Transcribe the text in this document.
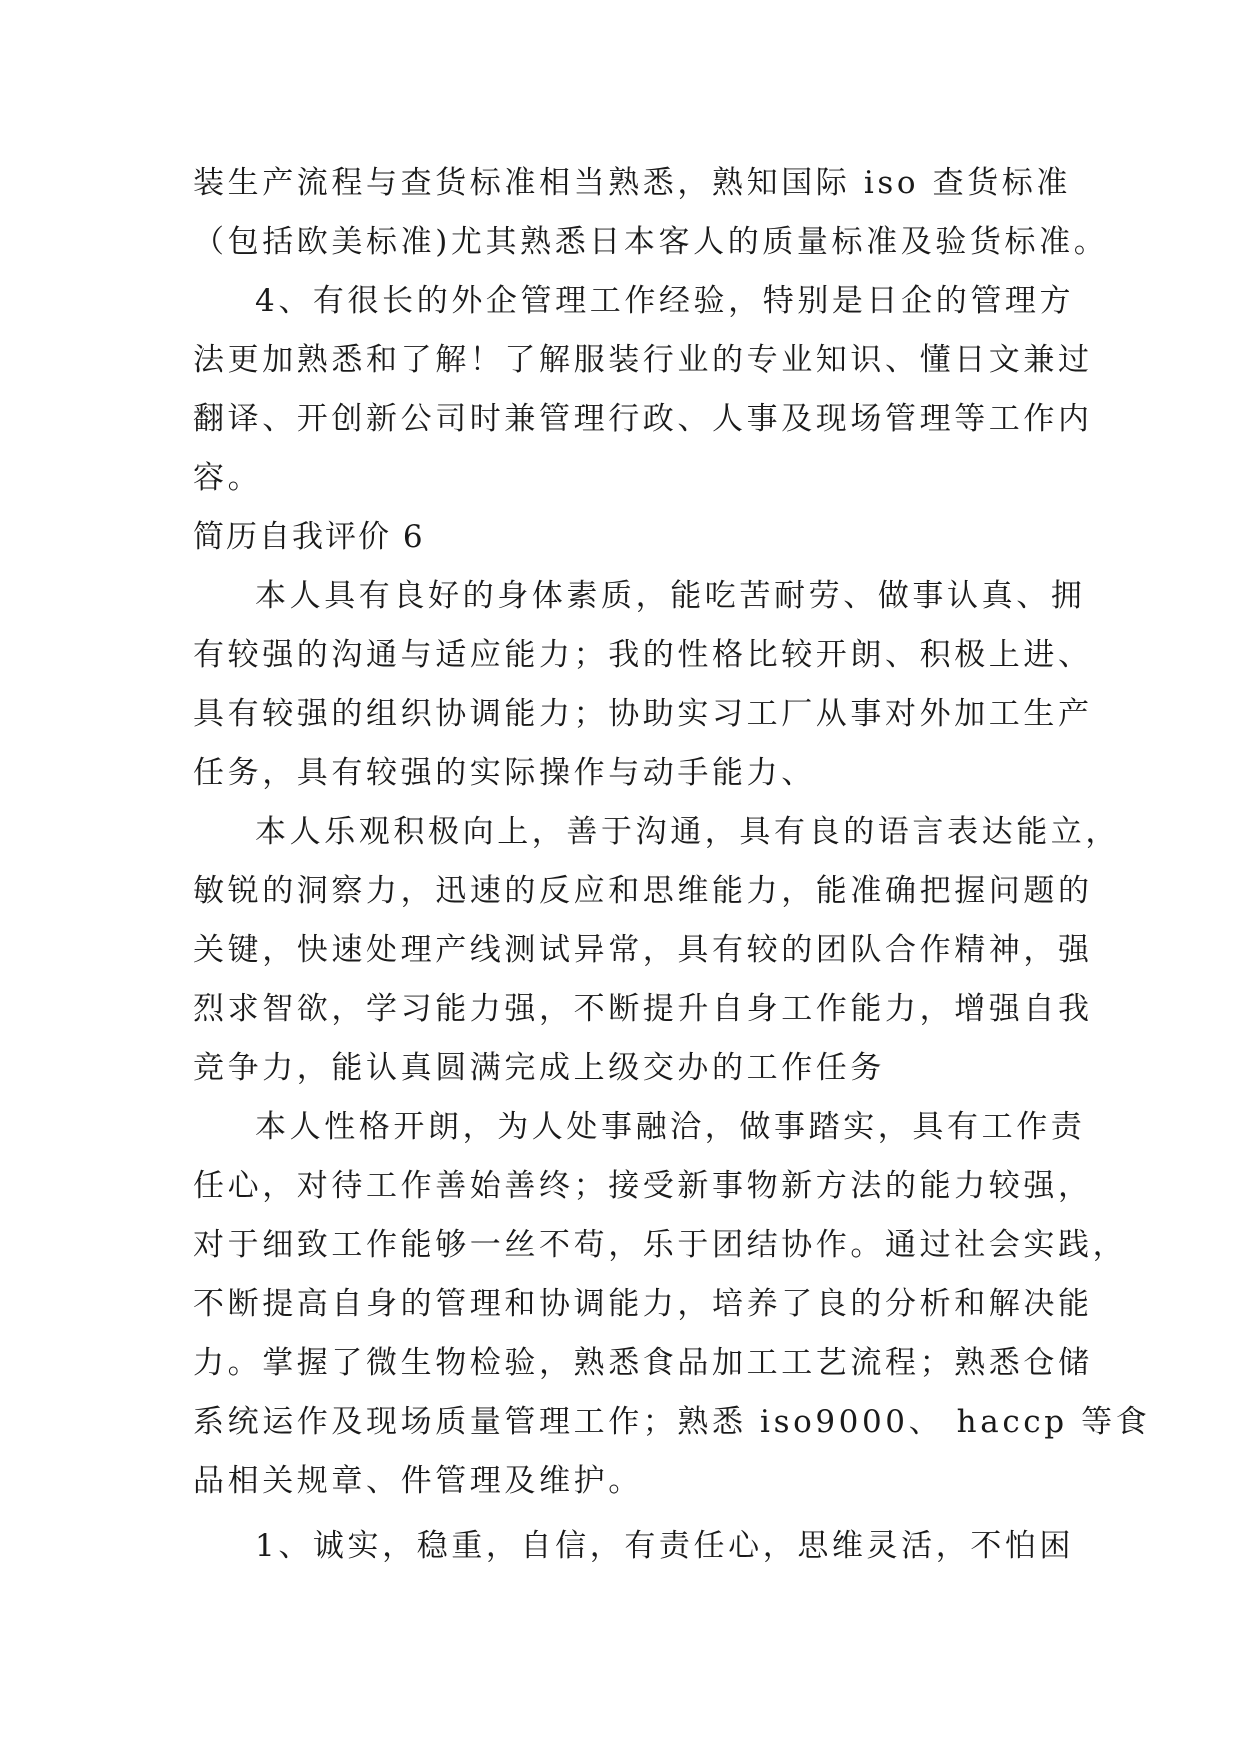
装生产流程与查货标准相当熟悉，熟知国际 iso 查货标准
（包括欧美标准)尤其熟悉日本客人的质量标准及验货标准。
4、有很长的外企管理工作经验，特别是日企的管理方
法更加熟悉和了解！了解服装行业的专业知识、懂日文兼过
翻译、开创新公司时兼管理行政、人事及现场管理等工作内
容。
简历自我评价 6
本人具有良好的身体素质，能吃苦耐劳、做事认真、拥
有较强的沟通与适应能力；我的性格比较开朗、积极上进、
具有较强的组织协调能力；协助实习工厂从事对外加工生产
任务，具有较强的实际操作与动手能力、
本人乐观积极向上，善于沟通，具有良的语言表达能立，
敏锐的洞察力，迅速的反应和思维能力，能准确把握问题的
关键，快速处理产线测试异常，具有较的团队合作精神，强
烈求智欲，学习能力强，不断提升自身工作能力，增强自我
竞争力，能认真圆满完成上级交办的工作任务
本人性格开朗，为人处事融洽，做事踏实，具有工作责
任心，对待工作善始善终；接受新事物新方法的能力较强，
对于细致工作能够一丝不苟，乐于团结协作。通过社会实践，
不断提高自身的管理和协调能力，培养了良的分析和解决能
力。掌握了微生物检验，熟悉食品加工工艺流程；熟悉仓储
系统运作及现场质量管理工作；熟悉 iso9000、 haccp 等食
品相关规章、件管理及维护。
1、诚实，稳重，自信，有责任心，思维灵活，不怕困
